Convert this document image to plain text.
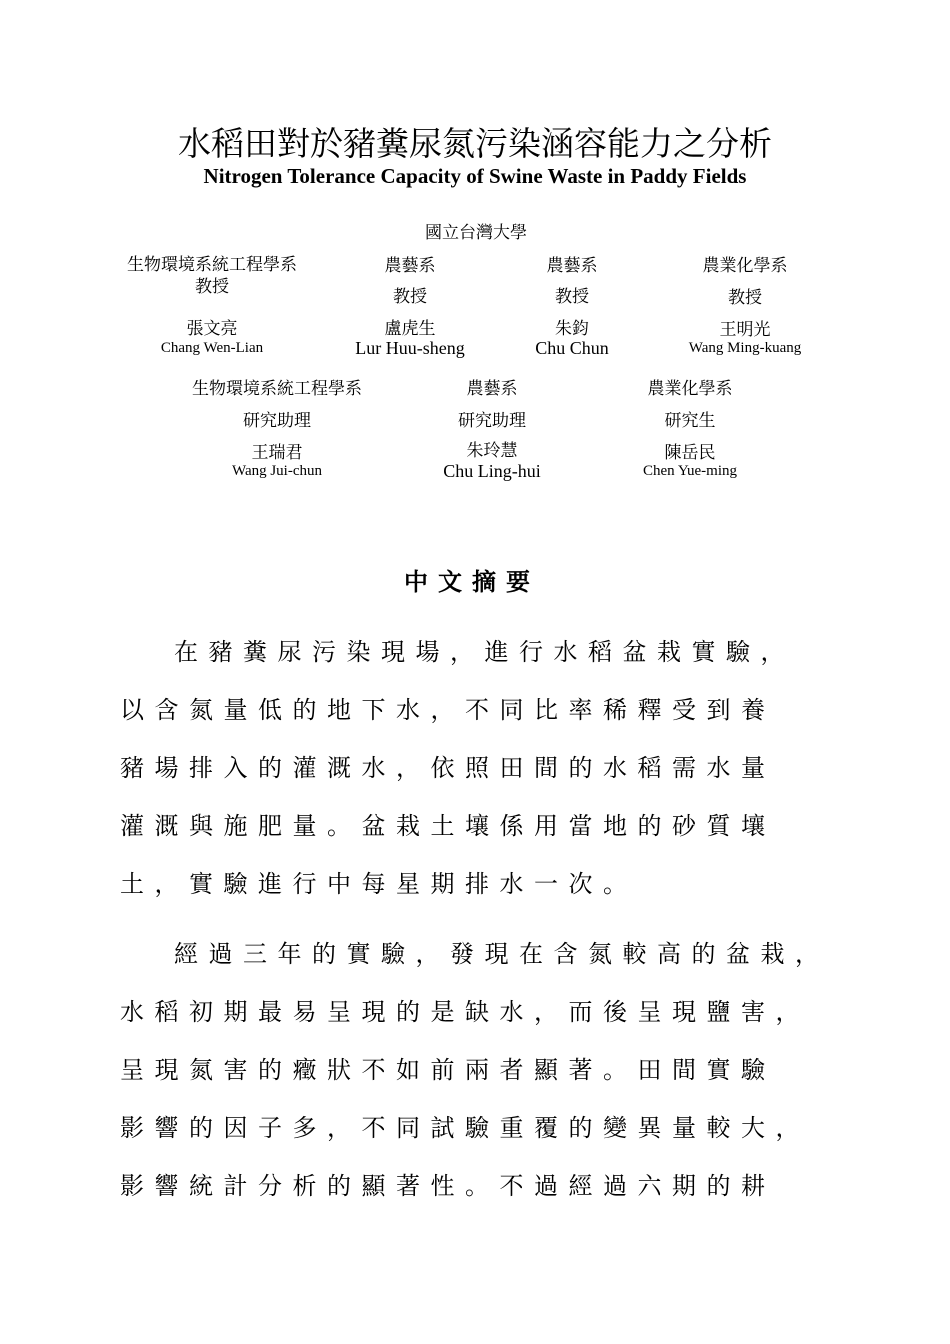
水稻田對於豬糞尿氮污染涵容能力之分析
Nitrogen Tolerance Capacity of Swine Waste in Paddy Fields
國立台灣大學
生物環境系統工程學系
教授
張文亮
Chang Wen-Lian
農藝系
教授
盧虎生
Lur Huu-sheng
農藝系
教授
朱鈞
Chu Chun
農業化學系
教授
王明光
Wang Ming-kuang
生物環境系統工程學系
研究助理
王瑞君
Wang Jui-chun
農藝系
研究助理
朱玲慧
Chu Ling-hui
農業化學系
研究生
陳岳民
Chen Yue-ming
中文摘要
在豬糞尿污染現場，進行水稻盆栽實驗，
以含氮量低的地下水，不同比率稀釋受到養
豬場排入的灌溉水，依照田間的水稻需水量
灌溉與施肥量。盆栽土壤係用當地的砂質壤
土，實驗進行中每星期排水一次。
經過三年的實驗，發現在含氮較高的盆栽，
水稻初期最易呈現的是缺水，而後呈現鹽害，
呈現氮害的癥狀不如前兩者顯著。田間實驗
影響的因子多，不同試驗重覆的變異量較大，
影響統計分析的顯著性。不過經過六期的耕
